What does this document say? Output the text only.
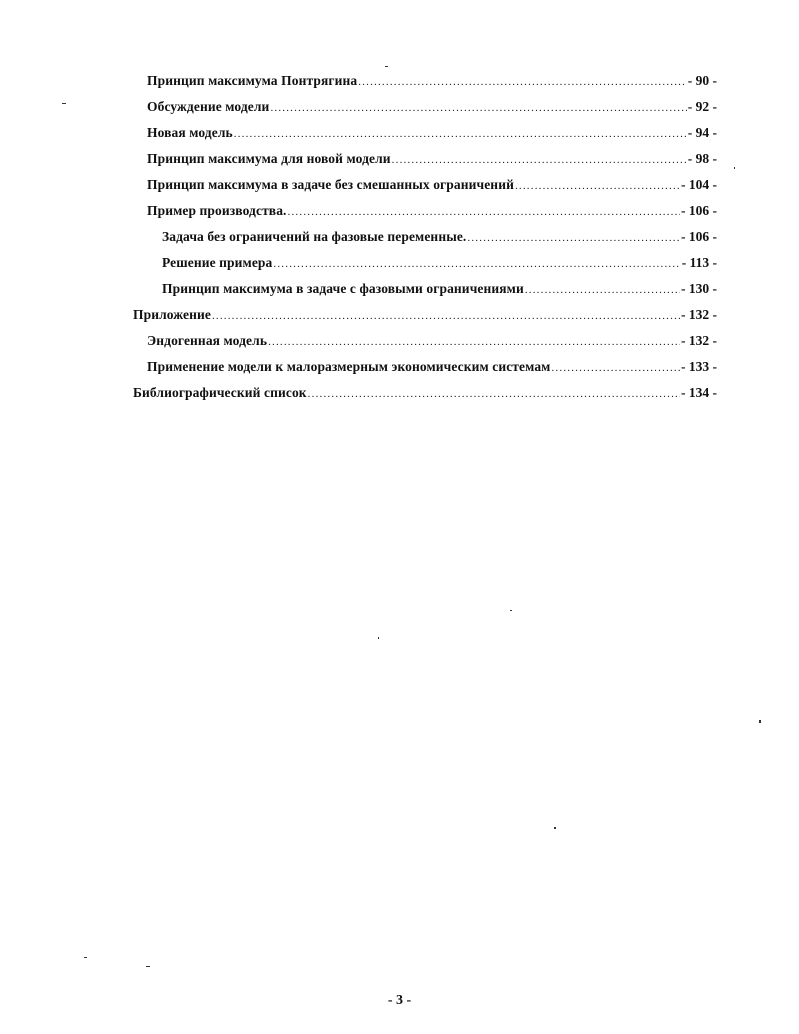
Принцип максимума Понтрягина .....	- 90 -
Обсуждение модели .....	- 92 -
Новая модель .....	- 94 -
Принцип максимума для новой модели .....	- 98 -
Принцип максимума в задаче без смешанных ограничений .....	- 104 -
Пример производства. .....	- 106 -
Задача без ограничений на фазовые переменные. .....	- 106 -
Решение примера .....	- 113 -
Принцип максимума в задаче с фазовыми ограничениями .....	- 130 -
Приложение .....	- 132 -
Эндогенная модель .....	- 132 -
Применение модели к малоразмерным экономическим системам .....	- 133 -
Библиографический список .....	- 134 -
- 3 -
